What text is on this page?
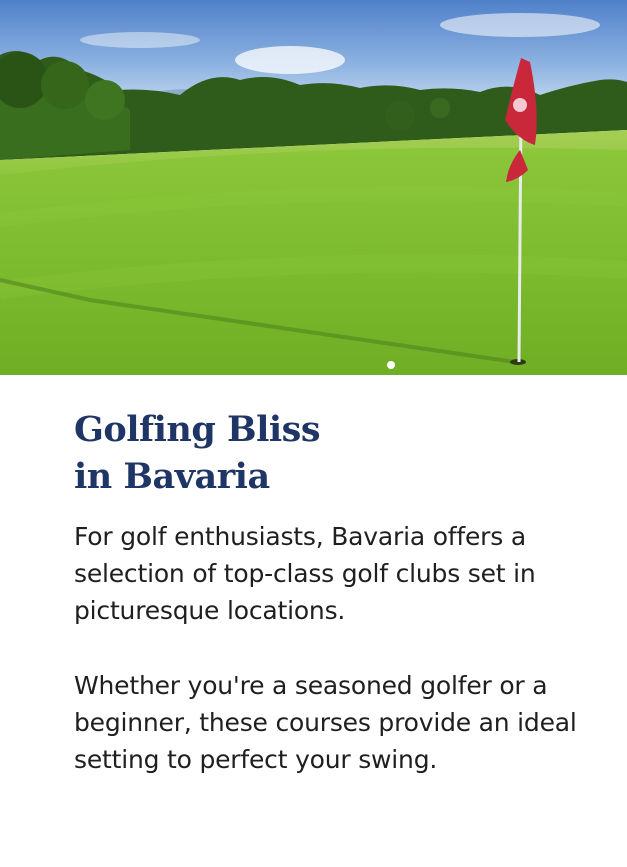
Golfing Bliss
in Bavaria

For golf enthusiasts, Bavaria offers a selection of top-class golf clubs set in picturesque locations.

Whether you're a seasoned golfer or a beginner, these courses provide an ideal setting to perfect your swing.
